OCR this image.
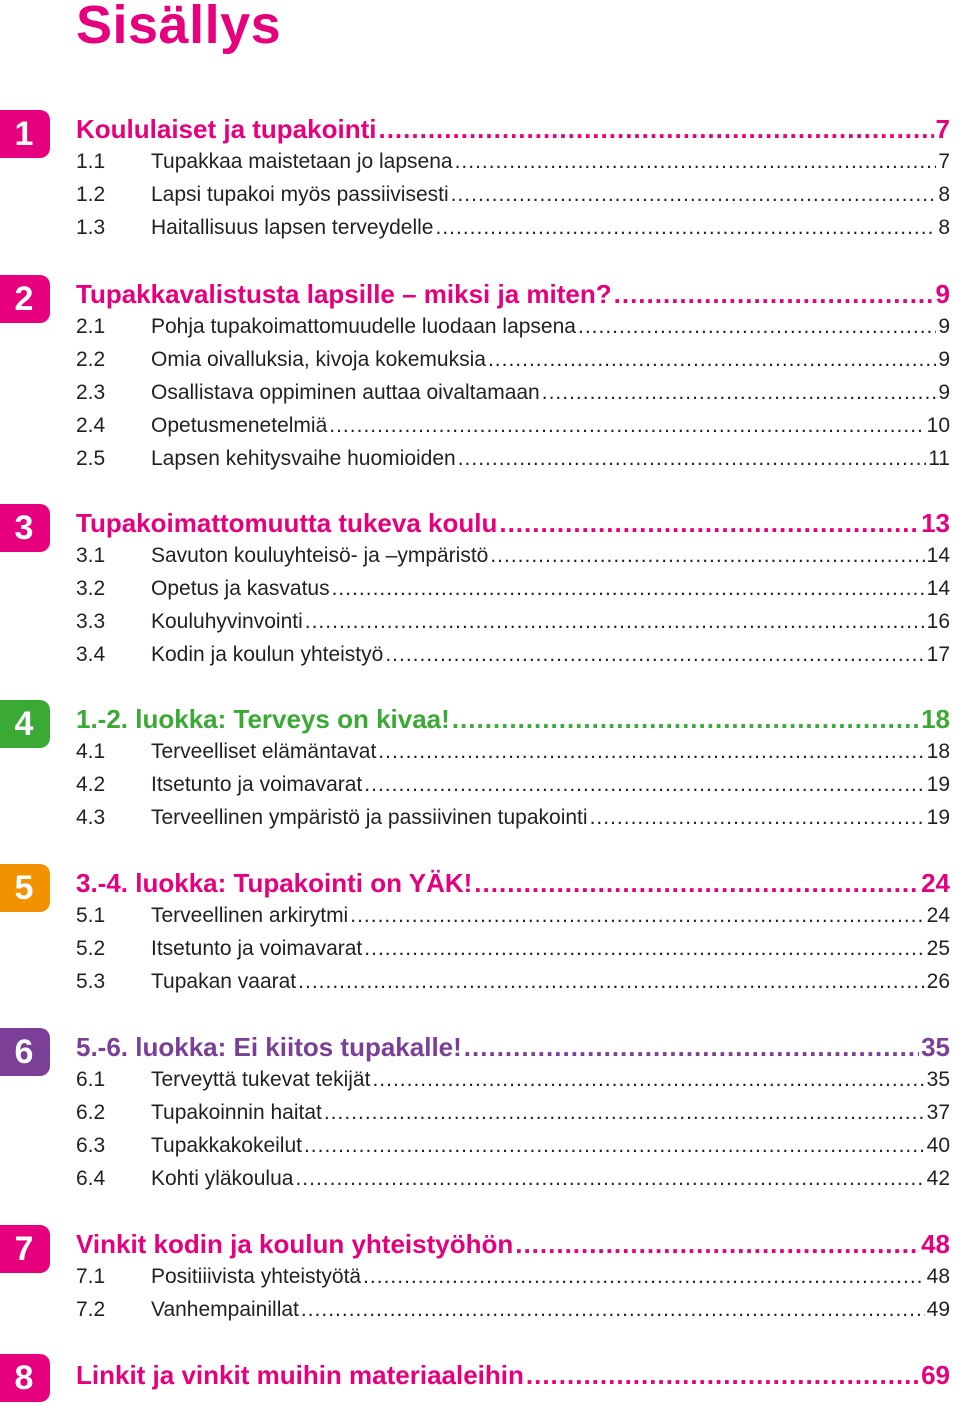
Sisällys
1	Koululaiset ja tupakointi .....	7
1.1	Tupakkaa maistetaan jo lapsena .....	7
1.2	Lapsi tupakoi myös passiivisesti .....	8
1.3	Haitallisuus lapsen terveydelle .....	8
2	Tupakkavalistusta lapsille – miksi ja miten? .....	9
2.1	Pohja tupakoimattomuudelle luodaan lapsena .....	9
2.2	Omia oivalluksia, kivoja kokemuksia .....	9
2.3	Osallistava oppiminen auttaa oivaltamaan .....	9
2.4	Opetusmenetelmiä .....	10
2.5	Lapsen kehitysvaihe huomioiden .....	11
3	Tupakoimattomuutta tukeva koulu .....	13
3.1	Savuton kouluyhteisö- ja –ympäristö .....	14
3.2	Opetus ja kasvatus .....	14
3.3	Kouluhyvinvointi .....	16
3.4	Kodin ja koulun yhteistyö .....	17
4	1.-2. luokka: Terveys on kivaa! .....	18
4.1	Terveelliset elämäntavat .....	18
4.2	Itsetunto ja voimavarat .....	19
4.3	Terveellinen ympäristö ja passiivinen tupakointi .....	19
5	3.-4. luokka: Tupakointi on YÄK! .....	24
5.1	Terveellinen arkirytmi .....	24
5.2	Itsetunto ja voimavarat .....	25
5.3	Tupakan vaarat .....	26
6	5.-6. luokka: Ei kiitos tupakalle! .....	35
6.1	Terveyttä tukevat tekijät .....	35
6.2	Tupakoinnin haitat .....	37
6.3	Tupakkakokeilut .....	40
6.4	Kohti yläkoulua .....	42
7	Vinkit kodin ja koulun yhteistyöhön .....	48
7.1	Positiiivista yhteistyötä .....	48
7.2	Vanhempainillat .....	49
8	Linkit ja vinkit muihin materiaaleihin .....	69
